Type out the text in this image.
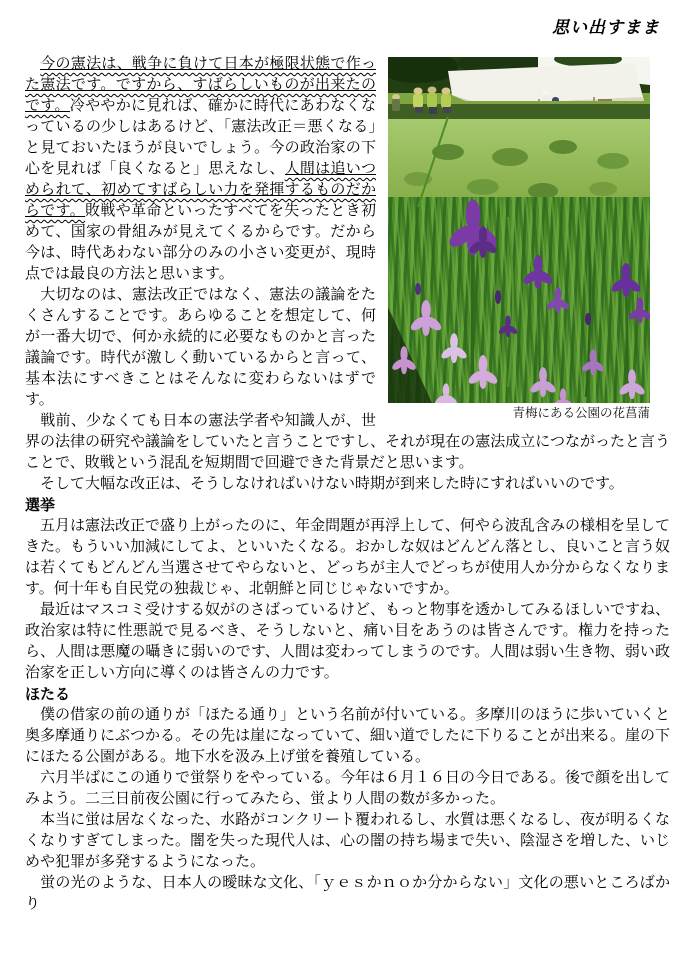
思い出すまま
青梅にある公園の花菖蒲

　今の憲法は、戦争に負けて日本が極限状態で作った憲法です。ですから、すばらしいものが出来たのです。冷ややかに見れば、確かに時代にあわなくなっているの少しはあるけど、「憲法改正＝悪くなる」と見ておいたほうが良いでしょう。今の政治家の下心を見れば「良くなると」思えなし、人間は追いつめられて、初めてすばらしい力を発揮するものだからです。敗戦や革命といったすべてを失ったとき初めて、国家の骨組みが見えてくるからです。だから今は、時代あわない部分のみの小さい変更が、現時点では最良の方法と思います。

　大切なのは、憲法改正ではなく、憲法の議論をたくさんすることです。あらゆることを想定して、何が一番大切で、何か永続的に必要なものかと言った議論です。時代が激しく動いているからと言って、基本法にすべきことはそんなに変わらないはずです。

　戦前、少なくても日本の憲法学者や知識人が、世界の法律の研究や議論をしていたと言うことですし、それが現在の憲法成立につながったと言うことで、敗戦という混乱を短期間で回避できた背景だと思います。

　そして大幅な改正は、そうしなければいけない時期が到来した時にすればいいのです。

選挙

　五月は憲法改正で盛り上がったのに、年金問題が再浮上して、何やら波乱含みの様相を呈してきた。もういい加減にしてよ、といいたくなる。おかしな奴はどんどん落とし、良いこと言う奴は若くてもどんどん当選させてやらないと、どっちが主人でどっちが使用人か分からなくなります。何十年も自民党の独裁じゃ、北朝鮮と同じじゃないですか。

　最近はマスコミ受けする奴がのさばっているけど、もっと物事を透かしてみるほしいですね、政治家は特に性悪説で見るべき、そうしないと、痛い目をあうのは皆さんです。権力を持ったら、人間は悪魔の囁きに弱いのです、人間は変わってしまうのです。人間は弱い生き物、弱い政治家を正しい方向に導くのは皆さんの力です。

ほたる

　僕の借家の前の通りが「ほたる通り」という名前が付いている。多摩川のほうに歩いていくと奥多摩通りにぶつかる。その先は崖になっていて、細い道でしたに下りることが出来る。崖の下にほたる公園がある。地下水を汲み上げ蛍を養殖している。

　六月半ばにこの通りで蛍祭りをやっている。今年は６月１６日の今日である。後で顔を出してみよう。二三日前夜公園に行ってみたら、蛍より人間の数が多かった。

　本当に蛍は居なくなった、水路がコンクリート覆われるし、水質は悪くなるし、夜が明るくなくなりすぎてしまった。闇を失った現代人は、心の闇の持ち場まで失い、陰湿さを増した、いじめや犯罪が多発するようになった。

　蛍の光のような、日本人の曖昧な文化、「ｙｅｓかｎｏか分からない」文化の悪いところばかり
